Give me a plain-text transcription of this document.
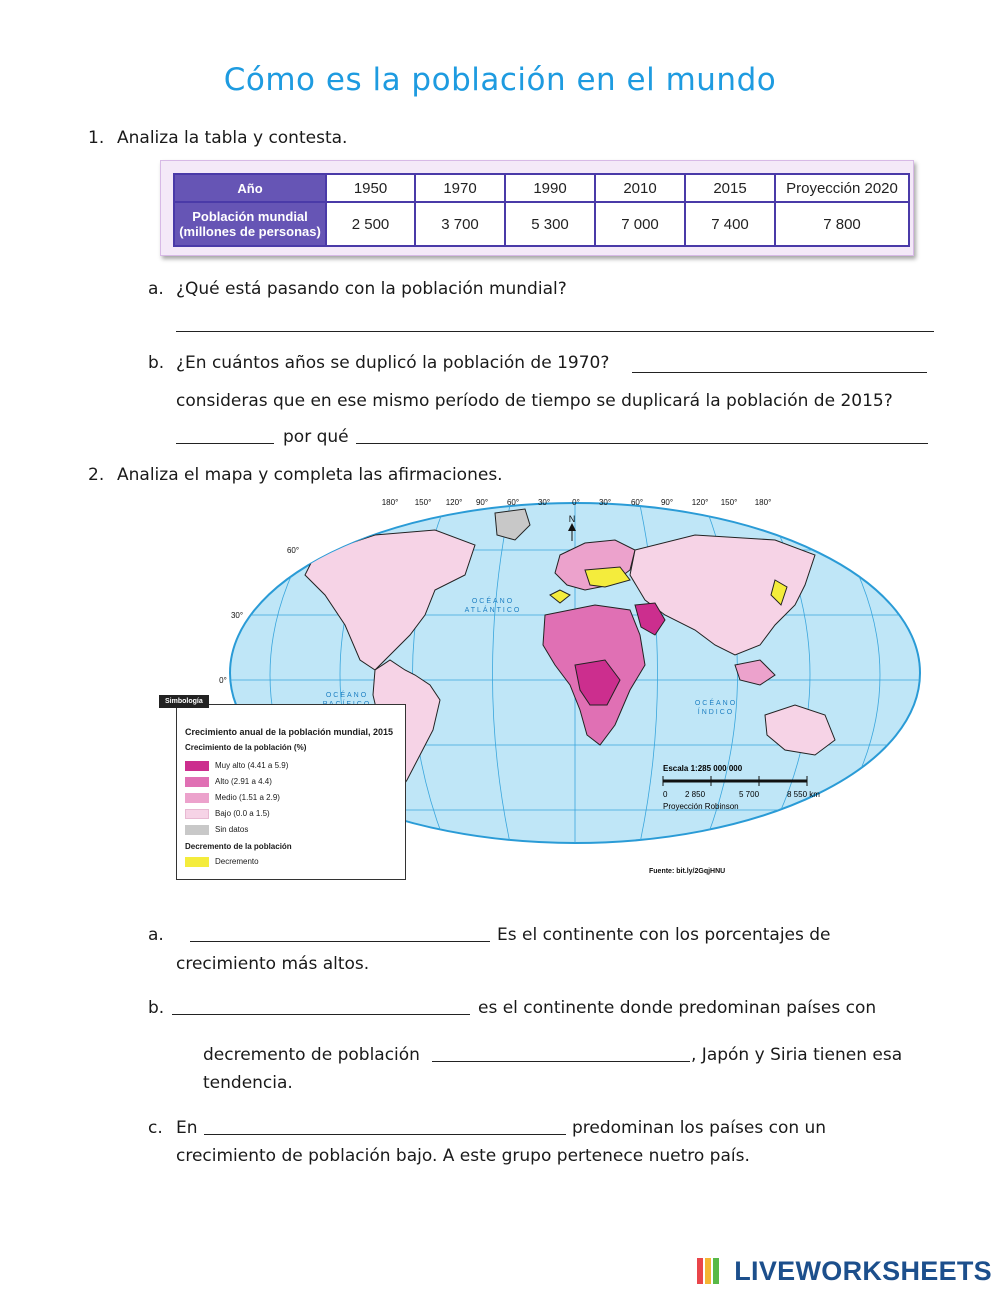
Cómo es la población en el mundo
1. Analiza la tabla y contesta.
Año	1950	1970	1990	2010	2015	Proyección 2020

Población mundial
(millones de personas)	2 500	3 700	5 300	7 000	7 400	7 800
a. ¿Qué está pasando con la población mundial?
b. ¿En cuántos años se duplicó la población de 1970?
consideras que en ese mismo período de tiempo se duplicará la población de 2015?
por qué
2. Analiza el mapa y completa las afirmaciones.
180° 150° 120° 90° 60° 30°	0° 30° 60° 90° 120° 150° 180°
60°
30°
0°
N
OCÉANO
ATLÁNTICO
OCÉANO
OCÉANO
ÍNDICO
Escala 1:285 000 000
0 2 850	5 700	8 550 km
Proyección Robinson
Fuente: bit.ly/2GqjHNU
Simbología
Crecimiento anual de la población mundial, 2015
Crecimiento de la población (%)
Muy alto (4.41 a 5.9)
Alto (2.91 a 4.4)
Medio (1.51 a 2.9)
Bajo (0.0 a 1.5)
Sin datos
Decremento de la población
Decremento
a.	Es el continente con los porcentajes de
crecimiento más altos.
b.	es el continente donde predominan países con
decremento de población	, Japón y Siria tienen esa
tendencia.
c. En	predominan los países con un
crecimiento de población bajo. A este grupo pertenece nuetro país.
LIVEWORKSHEETS
